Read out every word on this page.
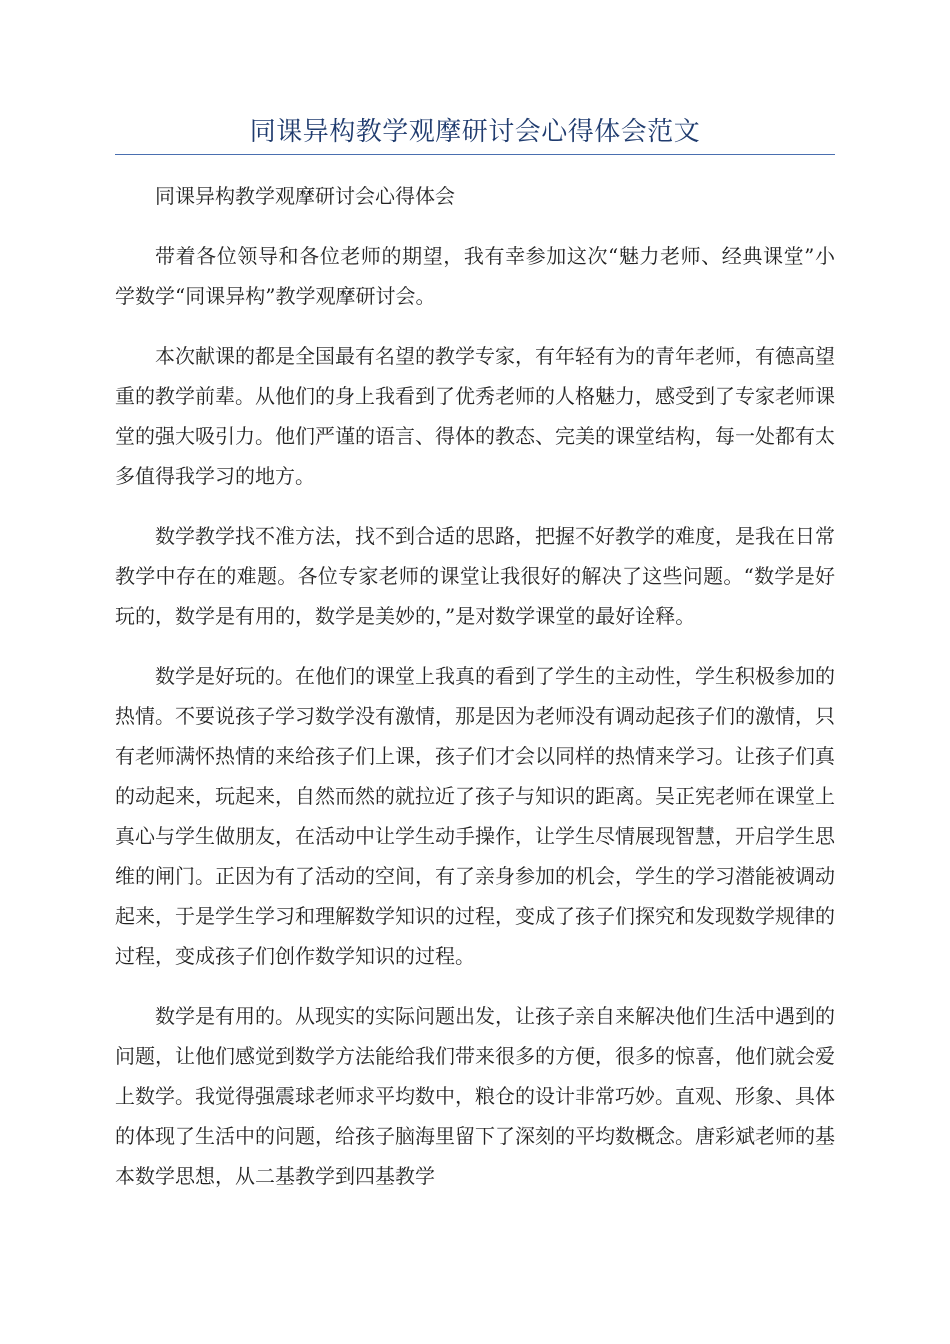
同课异构教学观摩研讨会心得体会范文

同课异构教学观摩研讨会心得体会

带着各位领导和各位老师的期望，我有幸参加这次“魅力老师、经典课堂”小学数学“同课异构”教学观摩研讨会。

本次献课的都是全国最有名望的教学专家，有年轻有为的青年老师，有德高望重的教学前辈。从他们的身上我看到了优秀老师的人格魅力，感受到了专家老师课堂的强大吸引力。他们严谨的语言、得体的教态、完美的课堂结构，每一处都有太多值得我学习的地方。

数学教学找不准方法，找不到合适的思路，把握不好教学的难度，是我在日常教学中存在的难题。各位专家老师的课堂让我很好的解决了这些问题。“数学是好玩的，数学是有用的，数学是美妙的，”是对数学课堂的最好诠释。

数学是好玩的。在他们的课堂上我真的看到了学生的主动性，学生积极参加的热情。不要说孩子学习数学没有激情，那是因为老师没有调动起孩子们的激情，只有老师满怀热情的来给孩子们上课，孩子们才会以同样的热情来学习。让孩子们真的动起来，玩起来，自然而然的就拉近了孩子与知识的距离。吴正宪老师在课堂上真心与学生做朋友，在活动中让学生动手操作，让学生尽情展现智慧，开启学生思维的闸门。正因为有了活动的空间，有了亲身参加的机会，学生的学习潜能被调动起来，于是学生学习和理解数学知识的过程，变成了孩子们探究和发现数学规律的过程，变成孩子们创作数学知识的过程。

数学是有用的。从现实的实际问题出发，让孩子亲自来解决他们生活中遇到的问题，让他们感觉到数学方法能给我们带来很多的方便，很多的惊喜，他们就会爱上数学。我觉得强震球老师求平均数中，粮仓的设计非常巧妙。直观、形象、具体的体现了生活中的问题，给孩子脑海里留下了深刻的平均数概念。唐彩斌老师的基本数学思想，从二基教学到四基教学
